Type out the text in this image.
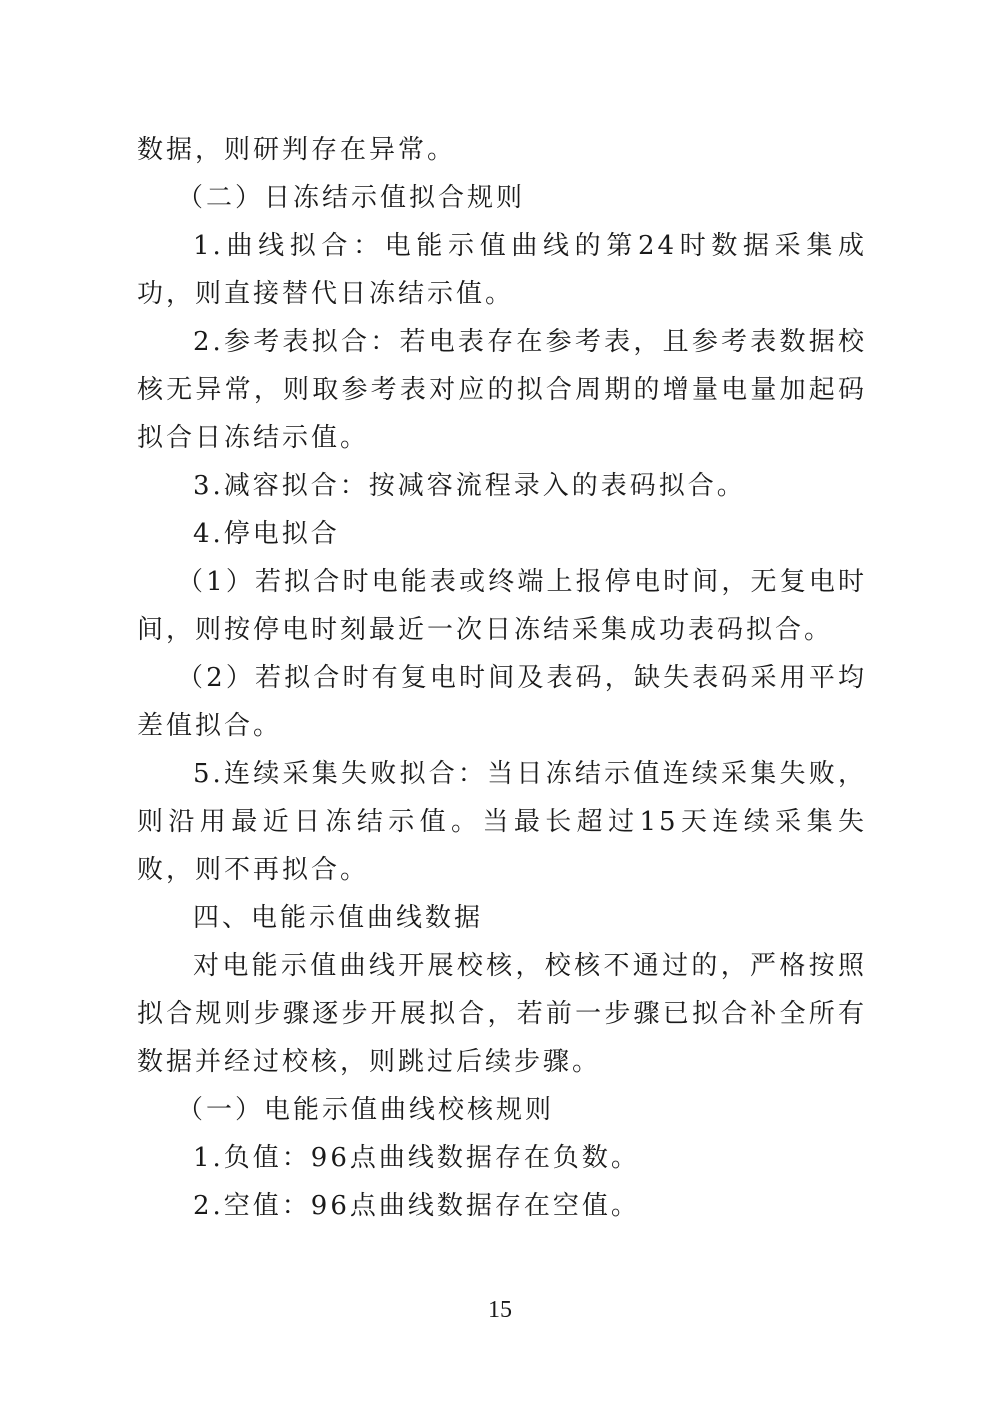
数据，则研判存在异常。

（二）日冻结示值拟合规则

1.曲线拟合：电能示值曲线的第24时数据采集成功，则直接替代日冻结示值。

2.参考表拟合：若电表存在参考表，且参考表数据校核无异常，则取参考表对应的拟合周期的增量电量加起码拟合日冻结示值。

3.减容拟合：按减容流程录入的表码拟合。

4.停电拟合

（1）若拟合时电能表或终端上报停电时间，无复电时间，则按停电时刻最近一次日冻结采集成功表码拟合。

（2）若拟合时有复电时间及表码，缺失表码采用平均差值拟合。

5.连续采集失败拟合：当日冻结示值连续采集失败，则沿用最近日冻结示值。当最长超过15天连续采集失败，则不再拟合。

四、电能示值曲线数据

对电能示值曲线开展校核，校核不通过的，严格按照拟合规则步骤逐步开展拟合，若前一步骤已拟合补全所有数据并经过校核，则跳过后续步骤。

（一）电能示值曲线校核规则

1.负值：96点曲线数据存在负数。

2.空值：96点曲线数据存在空值。

15
